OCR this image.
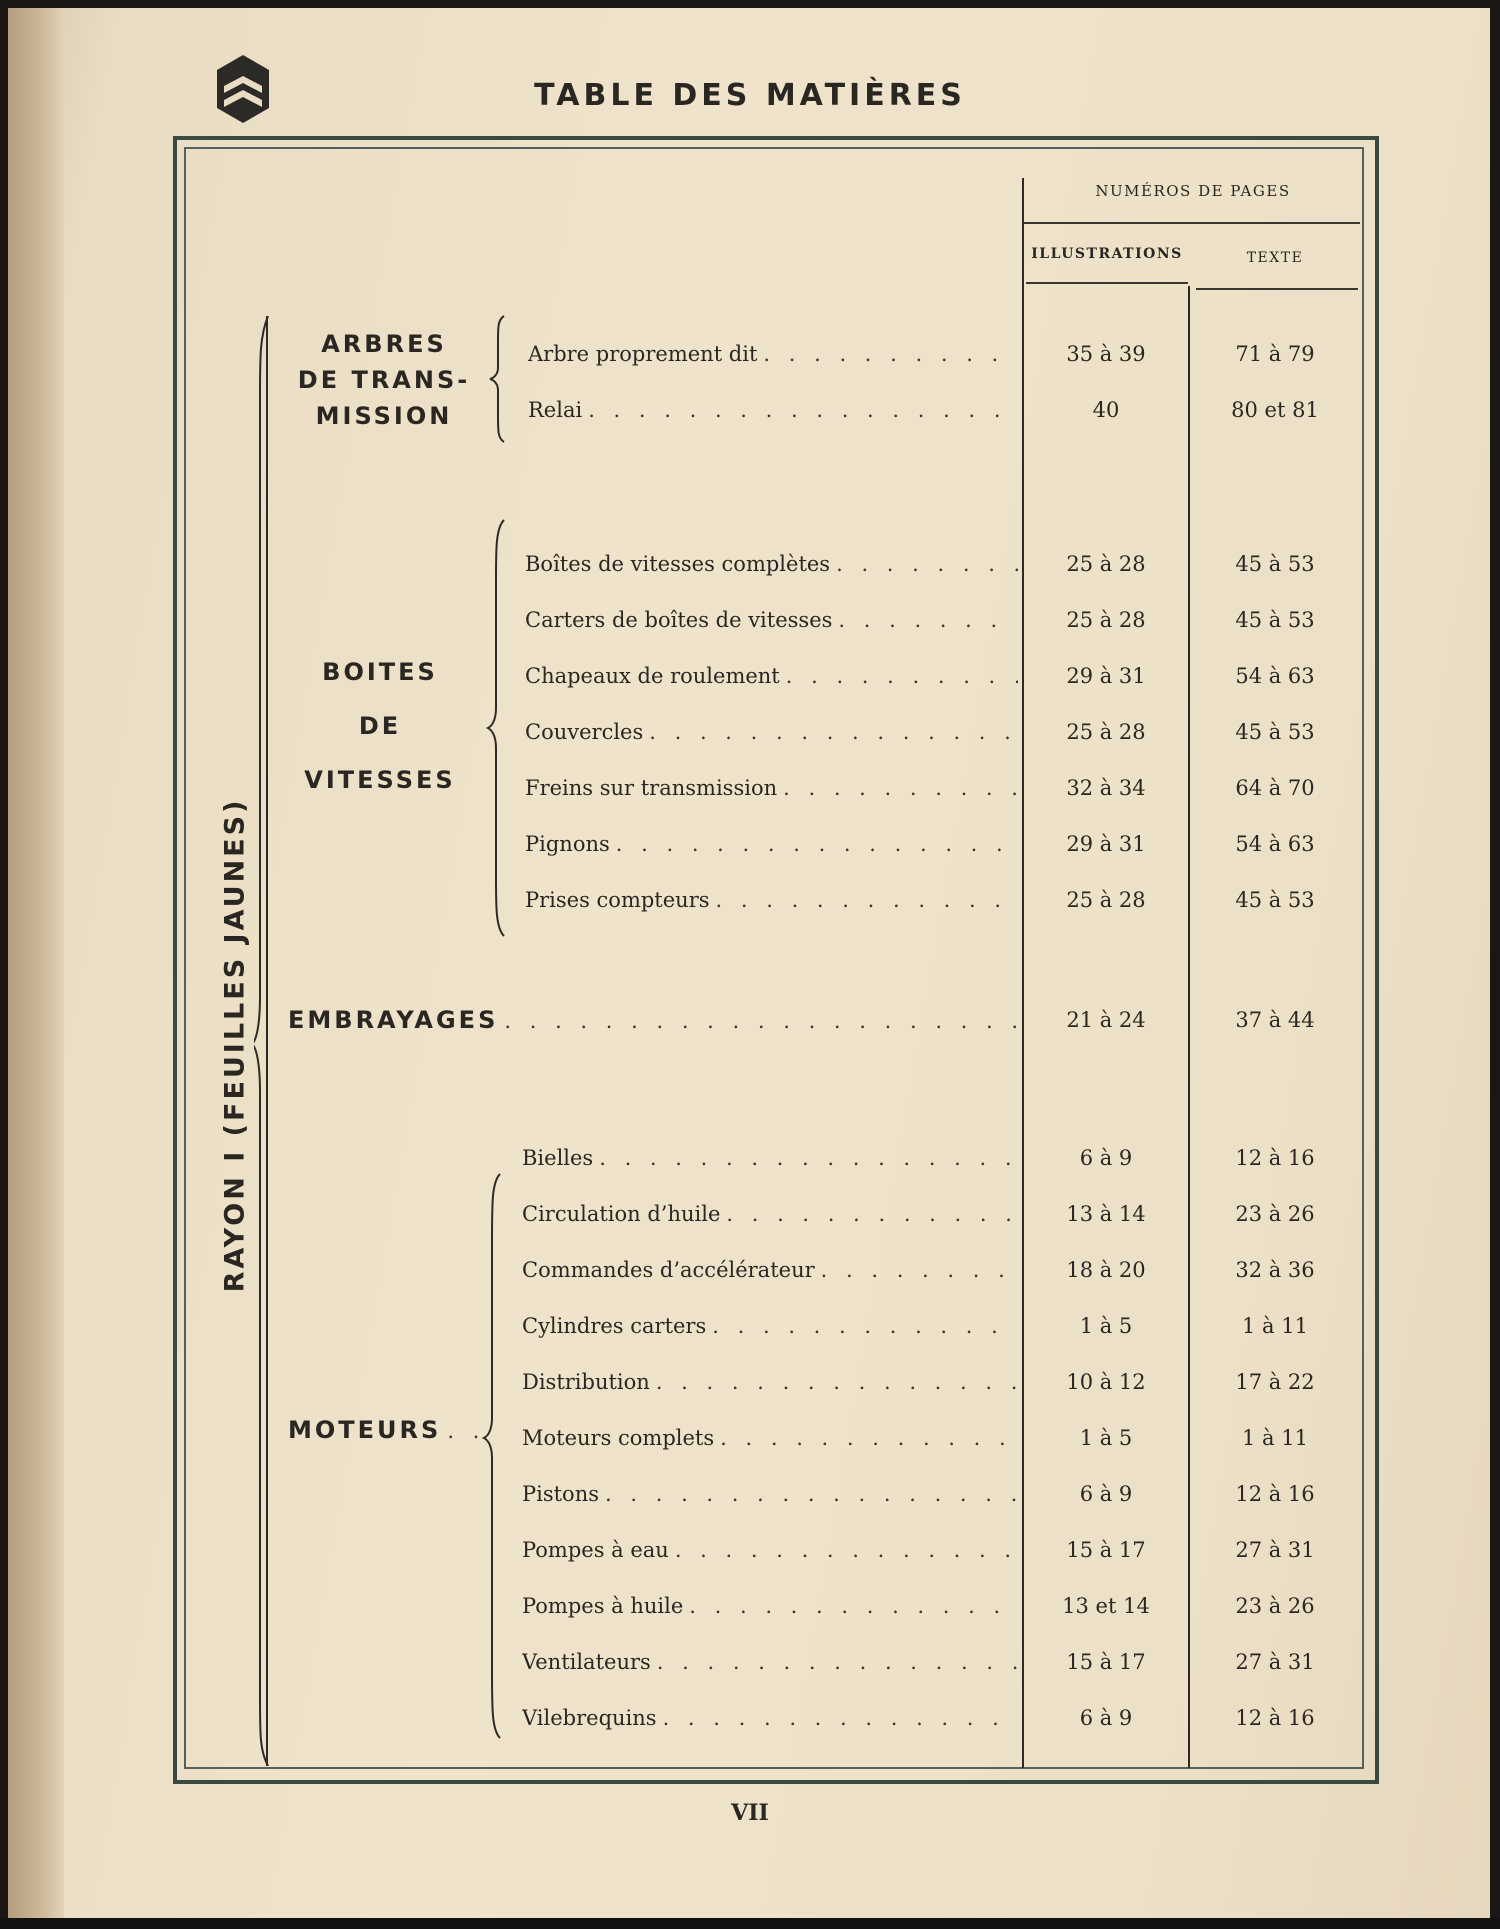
TABLE DES MATIÈRES
NUMÉROS DE PAGES
ILLUSTRATIONS	TEXTE
RAYON I (FEUILLES JAUNES)
ARBRES
DE TRANS-
MISSION
Arbre proprement dit . . .	35 à 39	71 à 79
Relai . . .	40	80 et 81
BOITES
DE
VITESSES
Boîtes de vitesses complètes . . .	25 à 28	45 à 53
Carters de boîtes de vitesses . . .	25 à 28	45 à 53
Chapeaux de roulement . . .	29 à 31	54 à 63
Couvercles . . .	25 à 28	45 à 53
Freins sur transmission . . .	32 à 34	64 à 70
Pignons . . .	29 à 31	54 à 63
Prises compteurs . . .	25 à 28	45 à 53
EMBRAYAGES . . .	21 à 24	37 à 44
MOTEURS
. . .
Bielles . . .	6 à 9	12 à 16
Circulation d’huile . . .	13 à 14	23 à 26
Commandes d’accélérateur . . .	18 à 20	32 à 36
Cylindres carters . . .	1 à 5	1 à 11
Distribution . . .	10 à 12	17 à 22
Moteurs complets . . .	1 à 5	1 à 11
Pistons . . .	6 à 9	12 à 16
Pompes à eau . . .	15 à 17	27 à 31
Pompes à huile . . .	13 et 14	23 à 26
Ventilateurs . . .	15 à 17	27 à 31
Vilebrequins . . .	6 à 9	12 à 16
VII
